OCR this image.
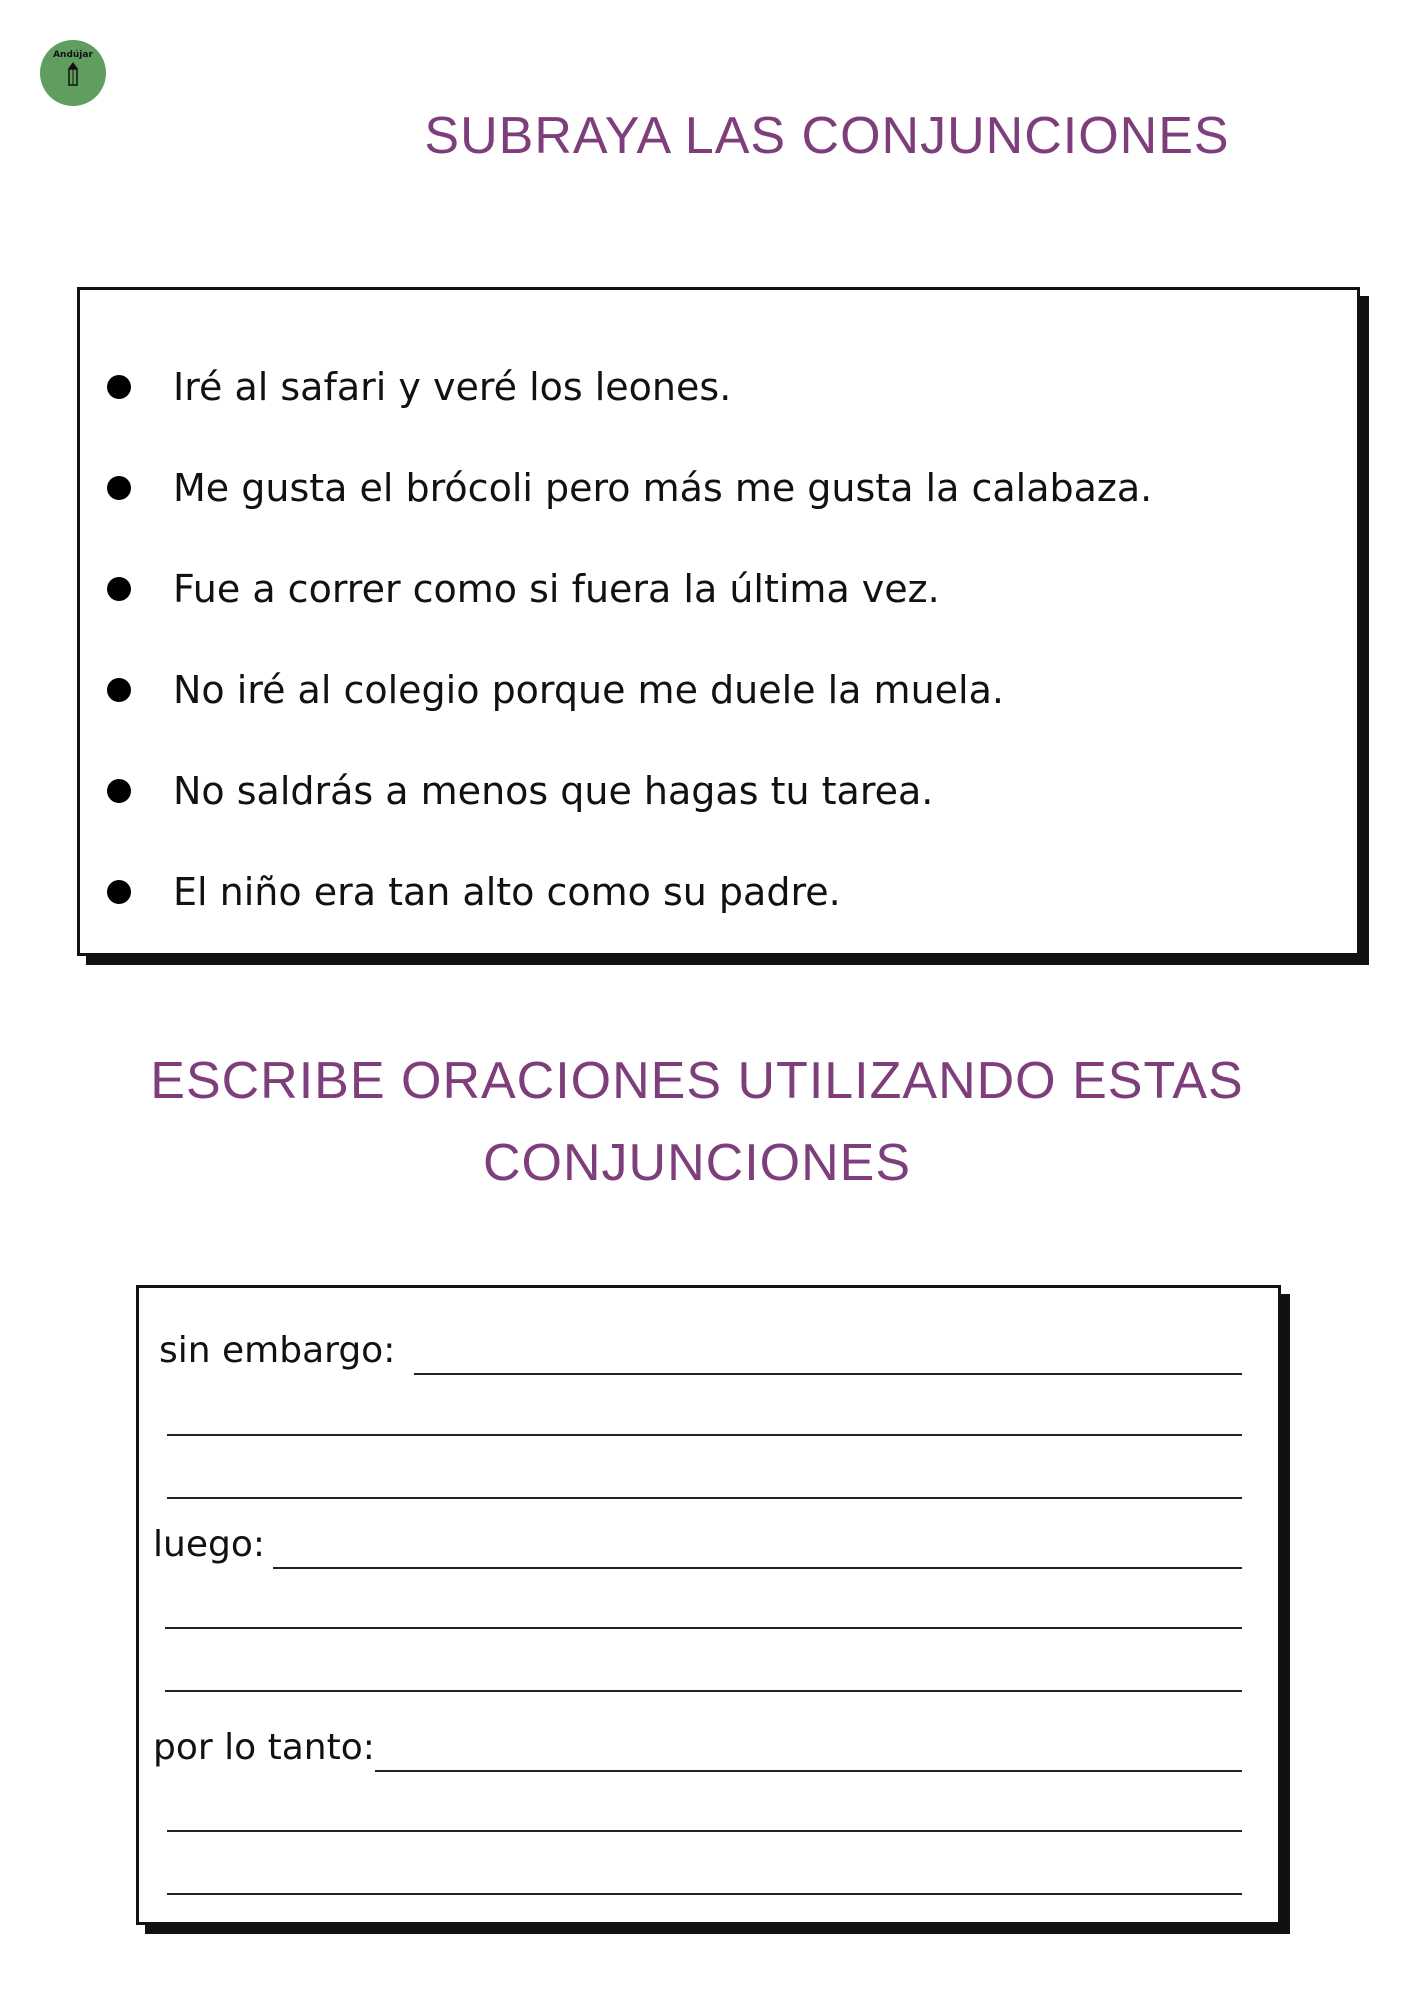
Andújar
SUBRAYA LAS CONJUNCIONES
Iré al safari y veré los leones.
Me gusta el brócoli pero más me gusta la calabaza.
Fue a correr como si fuera la última vez.
No iré al colegio porque me duele la muela.
No saldrás a menos que hagas tu tarea.
El niño era tan alto como su padre.
ESCRIBE ORACIONES UTILIZANDO ESTAS
CONJUNCIONES
sin embargo:
luego:
por lo tanto:
